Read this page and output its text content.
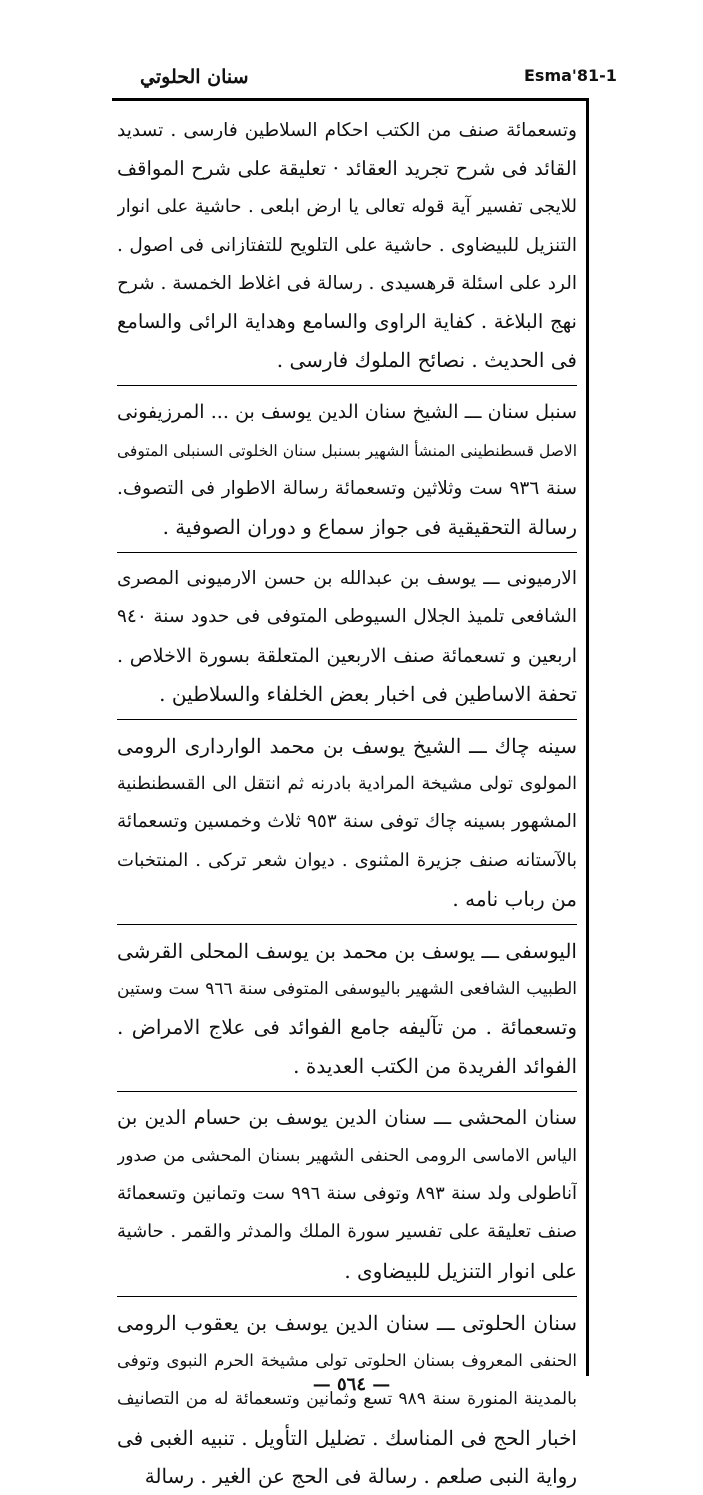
Esma'81-1
سنان الحلوتي
وتسعمائة صنف من الكتب احكام السلاطين فارسى . تسديد
القائد فى شرح تجريد العقائد · تعليقة على شرح المواقف
للايجى تفسير آية قوله تعالى يا ارض ابلعى . حاشية على انوار
التنزيل للبيضاوى . حاشية على التلويح للتفتازانى فى اصول .
الرد على اسئلة قرهسيدى . رسالة فى اغلاط الخمسة . شرح
نهج البلاغة . كفاية الراوى والسامع وهداية الرائى والسامع
فى الحديث . نصائح الملوك فارسى .
سنبل سنان ـــ الشيخ سنان الدين يوسف بن ... المرزيفونى
الاصل قسطنطينى المنشأ الشهير بسنبل سنان الخلوتى السنبلى المتوفى
سنة ٩٣٦ ست وثلاثين وتسعمائة رسالة الاطوار فى التصوف.
رسالة التحقيقية فى جواز سماع و دوران الصوفية .
الارميونى ـــ يوسف بن عبدالله بن حسن الارميونى المصرى
الشافعى تلميذ الجلال السيوطى المتوفى فى حدود سنة ٩٤٠
اربعين و تسعمائة صنف الاربعين المتعلقة بسورة الاخلاص .
تحفة الاساطين فى اخبار بعض الخلفاء والسلاطين .
سينه چاك ـــ الشيخ يوسف بن محمد الوارداری الرومى
المولوى تولى مشيخة المرادية بادرنه ثم انتقل الى القسطنطنية
المشهور بسينه چاك توفى سنة ٩٥٣ ثلاث وخمسين وتسعمائة
بالآستانه صنف جزيرة المثنوى . ديوان شعر تركى . المنتخبات
من رباب نامه .
اليوسفى ـــ يوسف بن محمد بن يوسف المحلى القرشى
الطبيب الشافعى الشهير باليوسفى المتوفى سنة ٩٦٦ ست وستين
وتسعمائة . من تآليفه جامع الفوائد فى علاج الامراض .
الفوائد الفريدة من الكتب العديدة .
سنان المحشى ـــ سنان الدين يوسف بن حسام الدين بن
الياس الاماسى الرومى الحنفى الشهير بسنان المحشى من صدور
آناطولى ولد سنة ٨٩٣ وتوفى سنة ٩٩٦ ست وتمانين وتسعمائة
صنف تعليقة على تفسير سورة الملك والمدثر والقمر . حاشية
على انوار التنزيل للبيضاوى .
سنان الحلوتى ـــ سنان الدين يوسف بن يعقوب الرومى
الحنفى المعروف بسنان الحلوتى تولى مشيخة الحرم النبوى وتوفى
بالمدينة المنورة سنة ٩٨٩ تسع وثمانين وتسعمائة له من التصانيف
اخبار الحج فى المناسك . تضليل التأويل . تنبيه الغبى فى
رواية النبى صلعم . رسالة فى الحج عن الغير . رسالة
— ٥٦٤ —
